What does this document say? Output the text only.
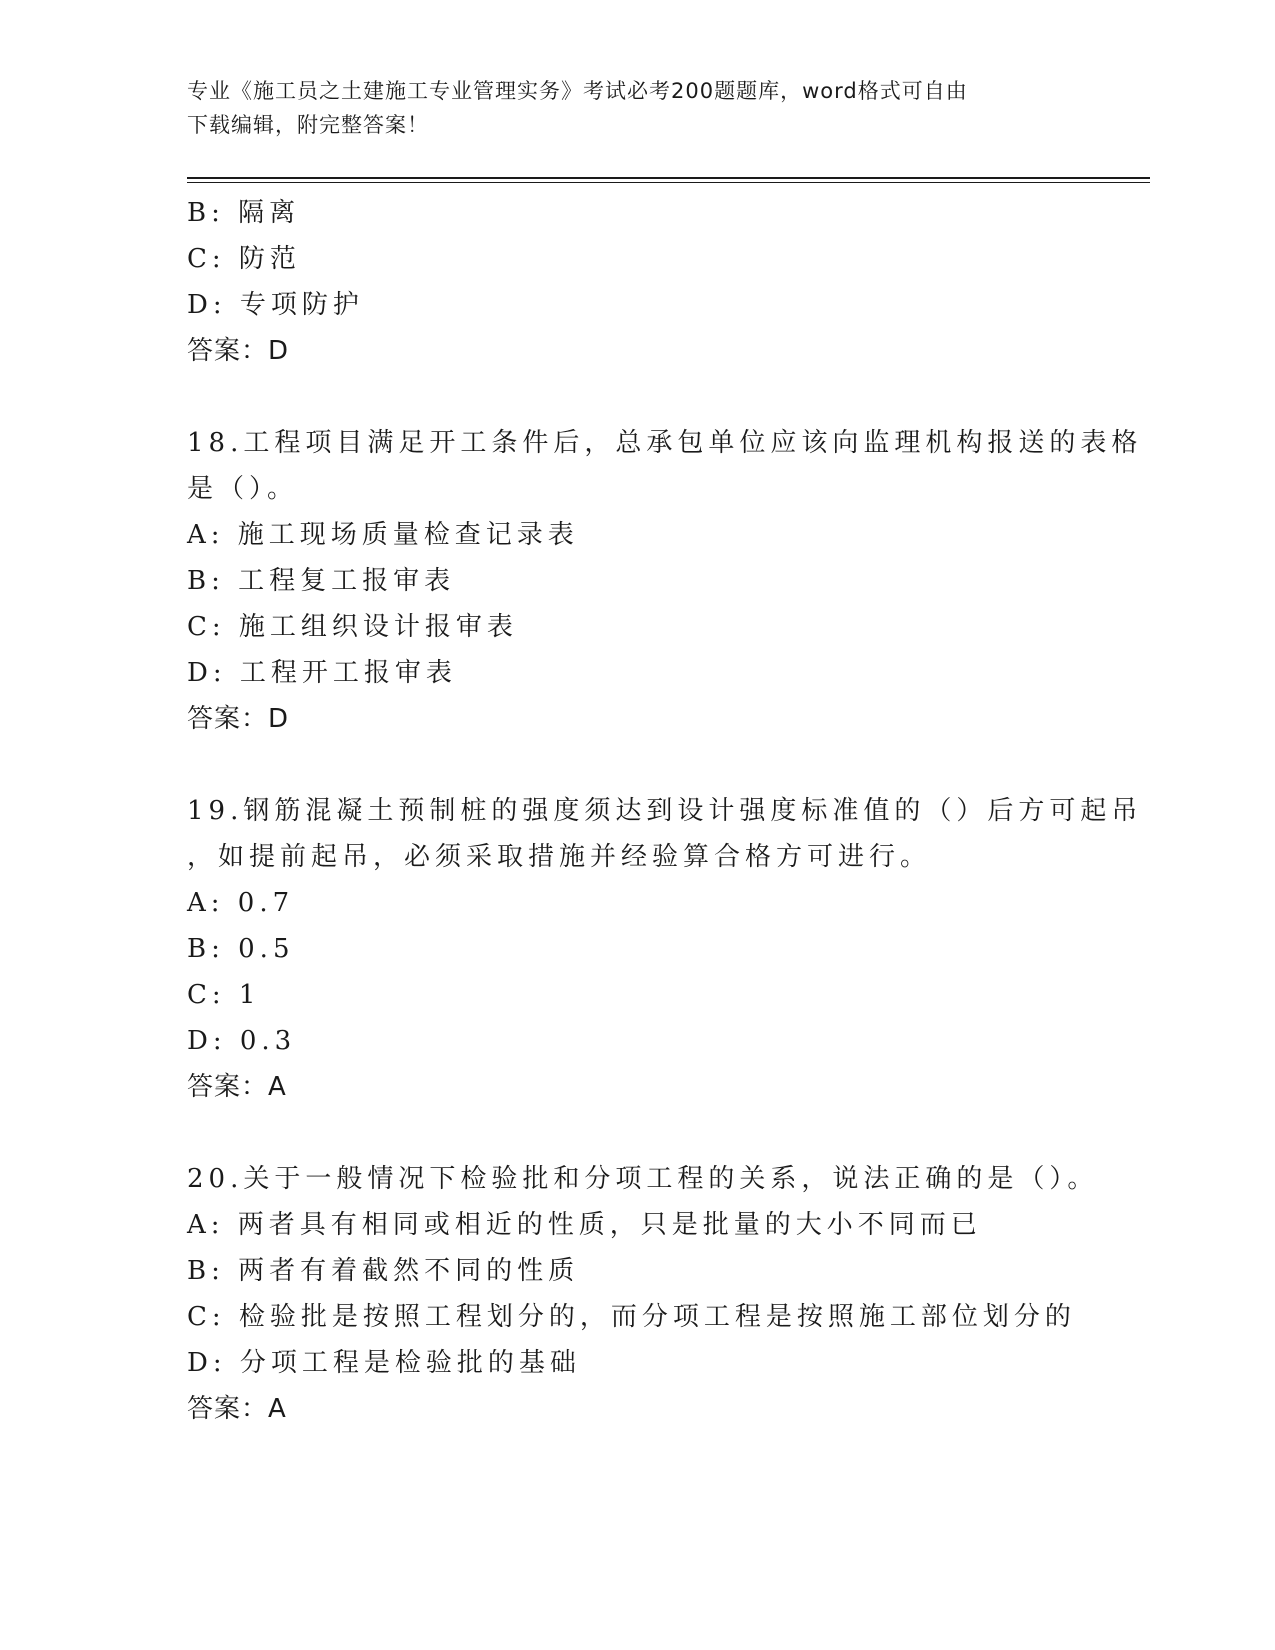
专业《施工员之土建施工专业管理实务》考试必考200题题库，word格式可自由
下载编辑，附完整答案！
B: 隔离
C: 防范
D: 专项防护
答案：D
18.工程项目满足开工条件后，总承包单位应该向监理机构报送的表格
是（）。
A: 施工现场质量检查记录表
B: 工程复工报审表
C: 施工组织设计报审表
D: 工程开工报审表
答案：D
19.钢筋混凝土预制桩的强度须达到设计强度标准值的（）后方可起吊
，如提前起吊，必须采取措施并经验算合格方可进行。
A: 0.7
B: 0.5
C: 1
D: 0.3
答案：A
20.关于一般情况下检验批和分项工程的关系，说法正确的是（）。
A: 两者具有相同或相近的性质，只是批量的大小不同而已
B: 两者有着截然不同的性质
C: 检验批是按照工程划分的，而分项工程是按照施工部位划分的
D: 分项工程是检验批的基础
答案：A
